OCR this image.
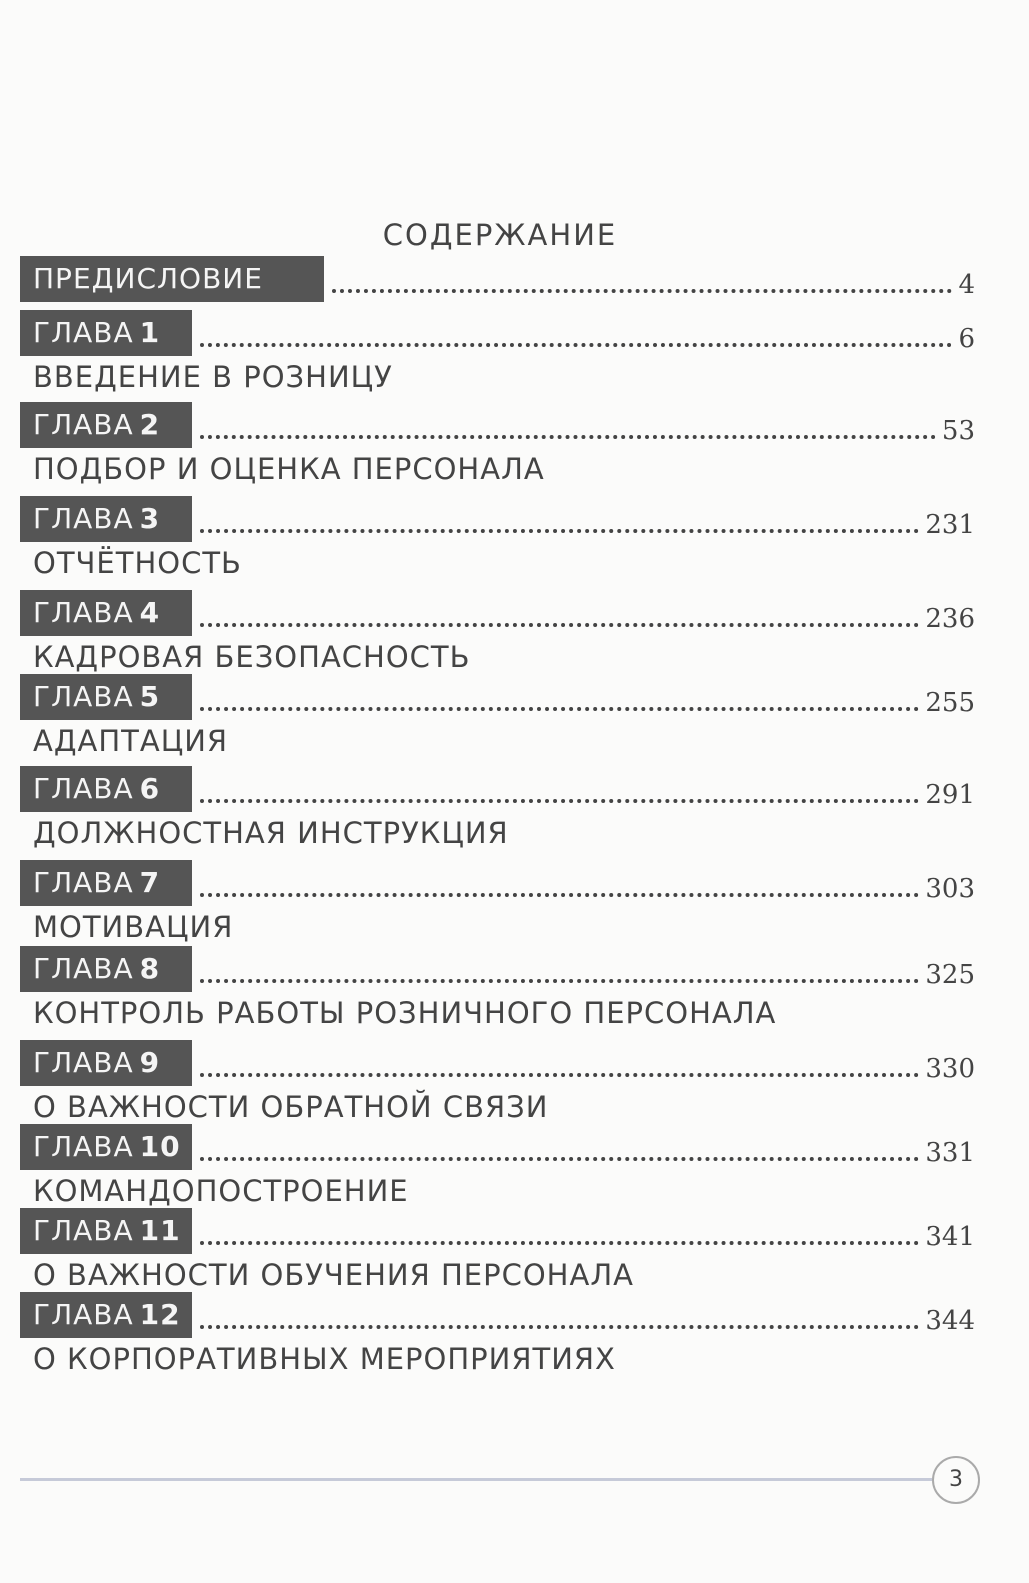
СОДЕРЖАНИЕ
ПРЕДИСЛОВИЕ	4
ГЛАВА 1	6
ВВЕДЕНИЕ В РОЗНИЦУ
ГЛАВА 2	53
ПОДБОР И ОЦЕНКА ПЕРСОНАЛА
ГЛАВА 3	231
ОТЧЁТНОСТЬ
ГЛАВА 4	236
КАДРОВАЯ БЕЗОПАСНОСТЬ
ГЛАВА 5	255
АДАПТАЦИЯ
ГЛАВА 6	291
ДОЛЖНОСТНАЯ ИНСТРУКЦИЯ
ГЛАВА 7	303
МОТИВАЦИЯ
ГЛАВА 8	325
КОНТРОЛЬ РАБОТЫ РОЗНИЧНОГО ПЕРСОНАЛА
ГЛАВА 9	330
О ВАЖНОСТИ ОБРАТНОЙ СВЯЗИ
ГЛАВА 10	331
КОМАНДОПОСТРОЕНИЕ
ГЛАВА 11	341
О ВАЖНОСТИ ОБУЧЕНИЯ ПЕРСОНАЛА
ГЛАВА 12	344
О КОРПОРАТИВНЫХ МЕРОПРИЯТИЯХ
3
